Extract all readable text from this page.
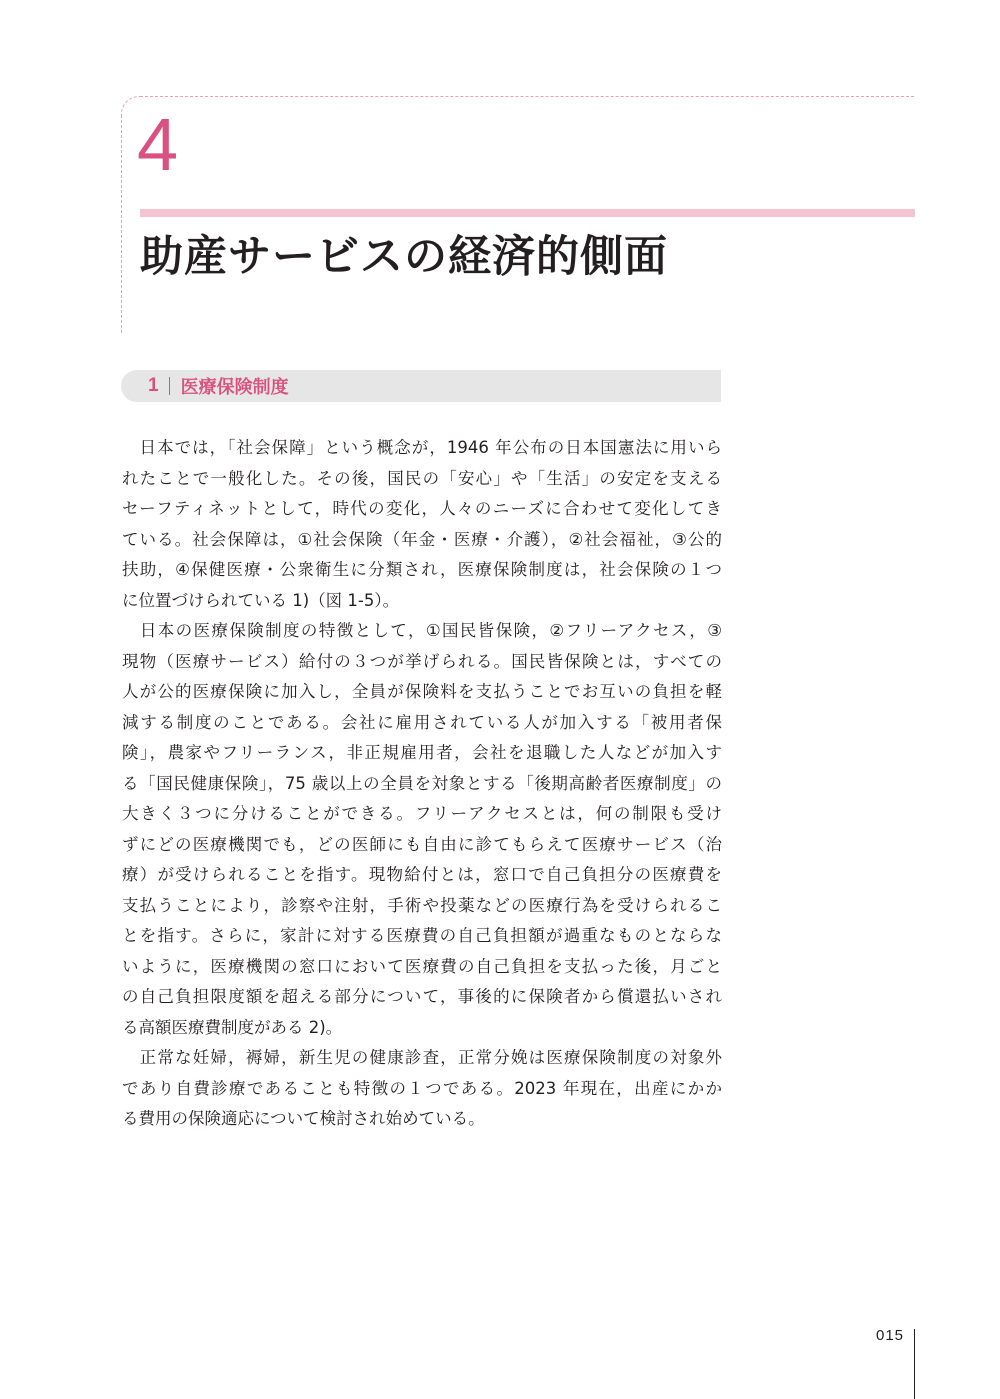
4
助産サービスの経済的側面
1 医療保険制度
　日本では，「社会保障」という概念が，1946 年公布の日本国憲法に用いら
れたことで一般化した。その後，国民の「安心」や「生活」の安定を支える
セーフティネットとして，時代の変化，人々のニーズに合わせて変化してき
ている。社会保障は，①社会保険（年金・医療・介護），②社会福祉，③公的
扶助，④保健医療・公衆衛生に分類され，医療保険制度は，社会保険の１つ
に位置づけられている 1)（図 1-5）。
　日本の医療保険制度の特徴として，①国民皆保険，②フリーアクセス，③
現物（医療サービス）給付の３つが挙げられる。国民皆保険とは，すべての
人が公的医療保険に加入し，全員が保険料を支払うことでお互いの負担を軽
減する制度のことである。会社に雇用されている人が加入する「被用者保
険」，農家やフリーランス，非正規雇用者，会社を退職した人などが加入す
る「国民健康保険」，75 歳以上の全員を対象とする「後期高齢者医療制度」の
大きく３つに分けることができる。フリーアクセスとは，何の制限も受け
ずにどの医療機関でも，どの医師にも自由に診てもらえて医療サービス（治
療）が受けられることを指す。現物給付とは，窓口で自己負担分の医療費を
支払うことにより，診察や注射，手術や投薬などの医療行為を受けられるこ
とを指す。さらに，家計に対する医療費の自己負担額が過重なものとならな
いように，医療機関の窓口において医療費の自己負担を支払った後，月ごと
の自己負担限度額を超える部分について，事後的に保険者から償還払いされ
る高額医療費制度がある 2)。
　正常な妊婦，褥婦，新生児の健康診査，正常分娩は医療保険制度の対象外
であり自費診療であることも特徴の１つである。2023 年現在，出産にかか
る費用の保険適応について検討され始めている。
015
